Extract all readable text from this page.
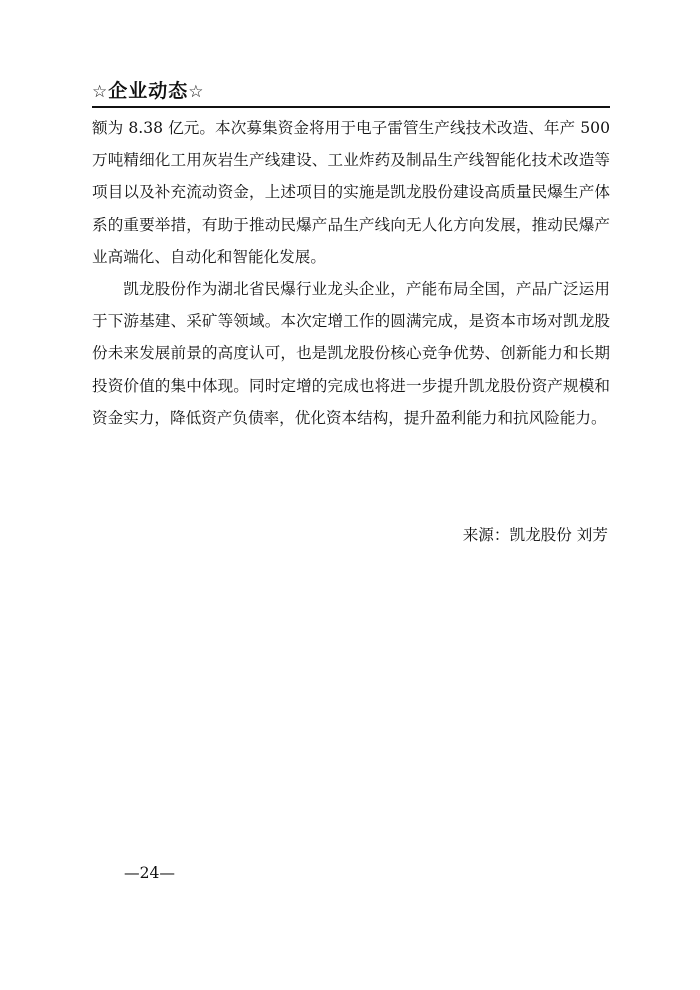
☆企业动态☆

额为 8.38 亿元。本次募集资金将用于电子雷管生产线技术改造、年产 500 万吨精细化工用灰岩生产线建设、工业炸药及制品生产线智能化技术改造等项目以及补充流动资金，上述项目的实施是凯龙股份建设高质量民爆生产体系的重要举措，有助于推动民爆产品生产线向无人化方向发展，推动民爆产业高端化、自动化和智能化发展。

凯龙股份作为湖北省民爆行业龙头企业，产能布局全国，产品广泛运用于下游基建、采矿等领域。本次定增工作的圆满完成，是资本市场对凯龙股份未来发展前景的高度认可，也是凯龙股份核心竞争优势、创新能力和长期投资价值的集中体现。同时定增的完成也将进一步提升凯龙股份资产规模和资金实力，降低资产负债率，优化资本结构，提升盈利能力和抗风险能力。

来源：凯龙股份 刘芳
—24—
